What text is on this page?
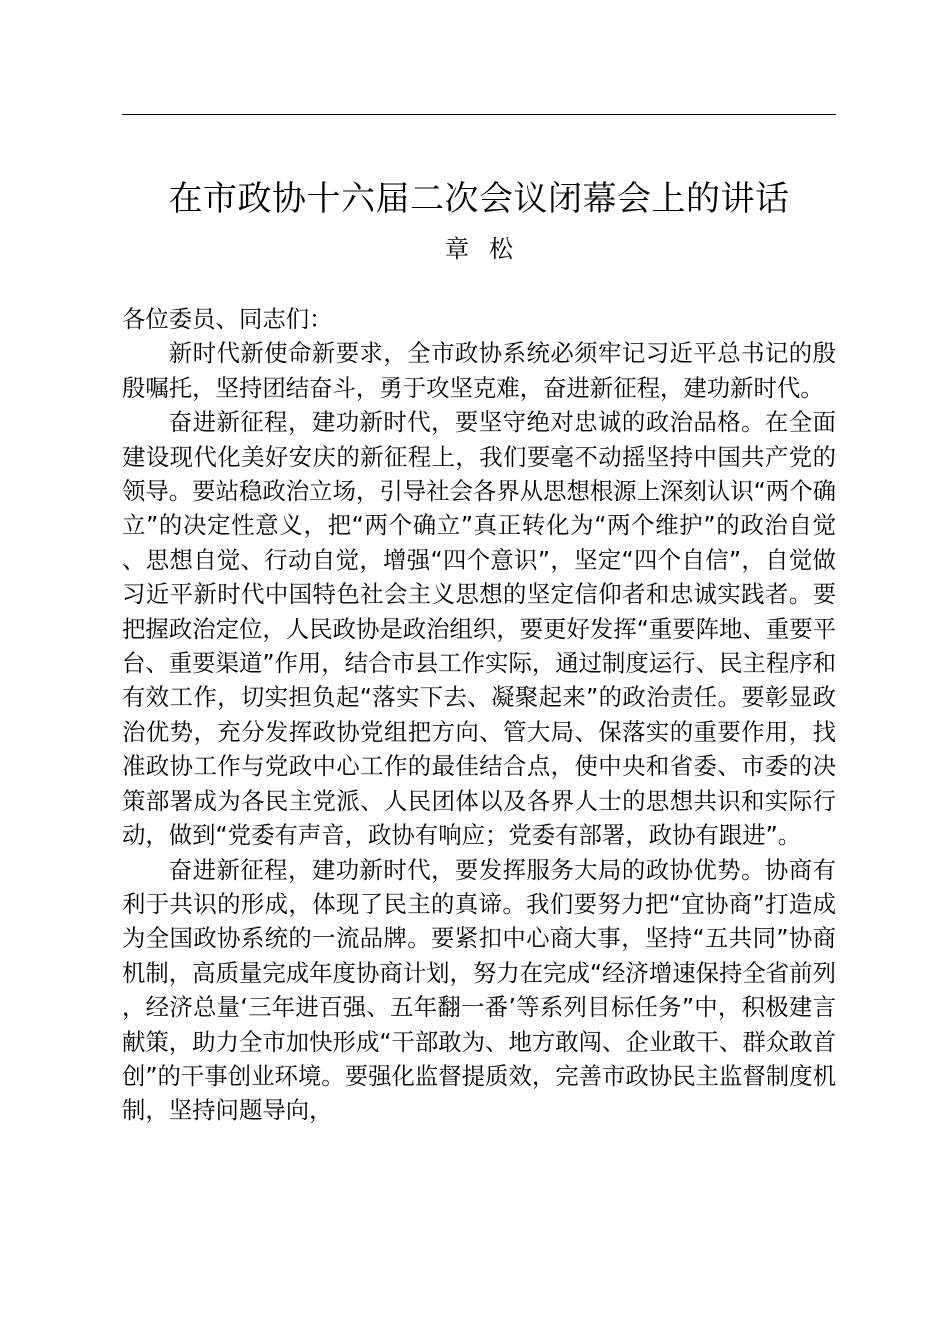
在市政协十六届二次会议闭幕会上的讲话
章松

各位委员、同志们：

新时代新使命新要求，全市政协系统必须牢记习近平总书记的殷殷嘱托，坚持团结奋斗，勇于攻坚克难，奋进新征程，建功新时代。

奋进新征程，建功新时代，要坚守绝对忠诚的政治品格。在全面建设现代化美好安庆的新征程上，我们要毫不动摇坚持中国共产党的领导。要站稳政治立场，引导社会各界从思想根源上深刻认识“两个确立”的决定性意义，把“两个确立”真正转化为“两个维护”的政治自觉、思想自觉、行动自觉，增强“四个意识”，坚定“四个自信”，自觉做习近平新时代中国特色社会主义思想的坚定信仰者和忠诚实践者。要把握政治定位，人民政协是政治组织，要更好发挥“重要阵地、重要平台、重要渠道”作用，结合市县工作实际，通过制度运行、民主程序和有效工作，切实担负起“落实下去、凝聚起来”的政治责任。要彰显政治优势，充分发挥政协党组把方向、管大局、保落实的重要作用，找准政协工作与党政中心工作的最佳结合点，使中央和省委、市委的决策部署成为各民主党派、人民团体以及各界人士的思想共识和实际行动，做到“党委有声音，政协有响应；党委有部署，政协有跟进”。

奋进新征程，建功新时代，要发挥服务大局的政协优势。协商有利于共识的形成，体现了民主的真谛。我们要努力把“宜协商”打造成为全国政协系统的一流品牌。要紧扣中心商大事，坚持“五共同”协商机制，高质量完成年度协商计划，努力在完成“经济增速保持全省前列，经济总量‘三年进百强、五年翻一番’等系列目标任务”中，积极建言献策，助力全市加快形成“干部敢为、地方敢闯、企业敢干、群众敢首创”的干事创业环境。要强化监督提质效，完善市政协民主监督制度机制，坚持问题导向，
